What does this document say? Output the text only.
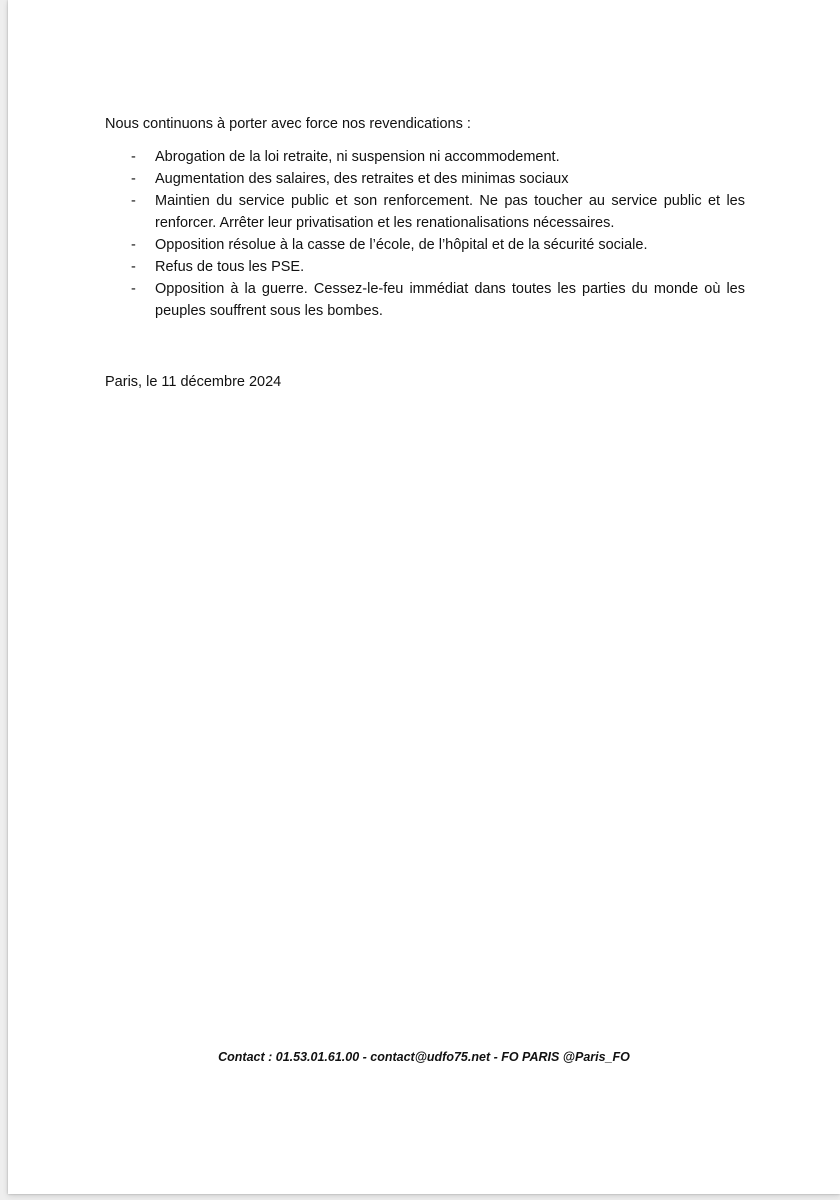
Nous continuons à porter avec force nos revendications :

- Abrogation de la loi retraite, ni suspension ni accommodement.
- Augmentation des salaires, des retraites et des minimas sociaux
- Maintien du service public et son renforcement. Ne pas toucher au service public et les renforcer. Arrêter leur privatisation et les renationalisations nécessaires.
- Opposition résolue à la casse de l’école, de l’hôpital et de la sécurité sociale.
- Refus de tous les PSE.
- Opposition à la guerre. Cessez-le-feu immédiat dans toutes les parties du monde où les peuples souffrent sous les bombes.

Paris, le 11 décembre 2024

Contact : 01.53.01.61.00 - contact@udfo75.net - FO PARIS @Paris_FO
